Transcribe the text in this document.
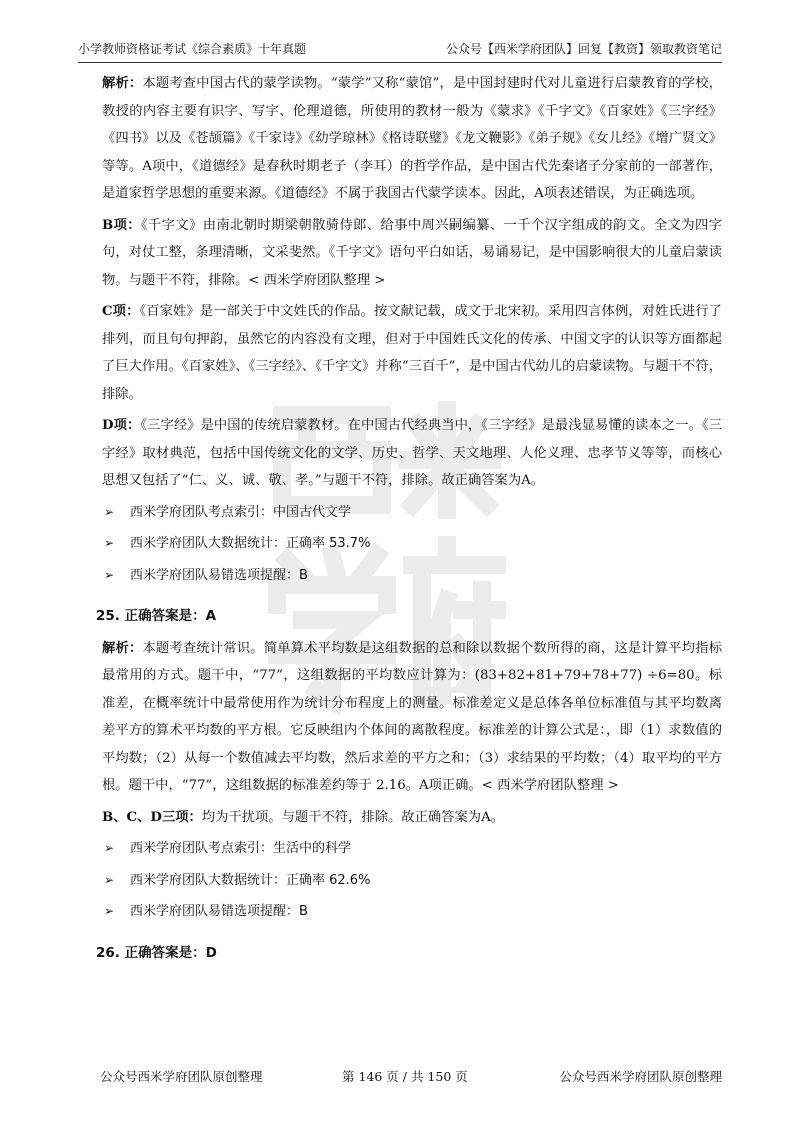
小学教师资格证考试《综合素质》十年真题	公众号【西米学府团队】回复【教资】领取教资笔记

解析：本题考查中国古代的蒙学读物。“蒙学”又称“蒙馆”，是中国封建时代对儿童进行启蒙教育的学校，教授的内容主要有识字、写字、伦理道德，所使用的教材一般为《蒙求》《千字文》《百家姓》《三字经》《四书》以及《苍颉篇》《千家诗》《幼学琼林》《格诗联璧》《龙文鞭影》《弟子规》《女儿经》《增广贤文》等等。A项中，《道德经》是春秋时期老子（李耳）的哲学作品，是中国古代先秦诸子分家前的一部著作，是道家哲学思想的重要来源。《道德经》不属于我国古代蒙学读本。因此，A项表述错误，为正确选项。

B项：《千字文》由南北朝时期梁朝散骑侍郎、给事中周兴嗣编纂、一千个汉字组成的韵文。全文为四字句，对仗工整，条理清晰，文采斐然。《千字文》语句平白如话，易诵易记，是中国影响很大的儿童启蒙读物。与题干不符，排除。< 西米学府团队整理 >

C项：《百家姓》是一部关于中文姓氏的作品。按文献记载，成文于北宋初。采用四言体例，对姓氏进行了排列，而且句句押韵，虽然它的内容没有文理，但对于中国姓氏文化的传承、中国文字的认识等方面都起了巨大作用。《百家姓》、《三字经》、《千字文》并称“三百千”，是中国古代幼儿的启蒙读物。与题干不符，排除。

D项：《三字经》是中国的传统启蒙教材。在中国古代经典当中，《三字经》是最浅显易懂的读本之一。《三字经》取材典范，包括中国传统文化的文学、历史、哲学、天文地理、人伦义理、忠孝节义等等，而核心思想又包括了“仁、义、诚、敬、孝。”与题干不符，排除。故正确答案为A。

➢ 西米学府团队考点索引：中国古代文学

➢ 西米学府团队大数据统计：正确率 53.7%

➢ 西米学府团队易错选项提醒：B

25. 正确答案是：A

解析：本题考查统计常识。简单算术平均数是这组数据的总和除以数据个数所得的商，这是计算平均指标最常用的方式。题干中，“77”，这组数据的平均数应计算为：(83+82+81+79+78+77) ÷6=80。标准差，在概率统计中最常使用作为统计分布程度上的测量。标准差定义是总体各单位标准值与其平均数离差平方的算术平均数的平方根。它反映组内个体间的离散程度。标准差的计算公式是：，即（1）求数值的平均数；（2）从每一个数值减去平均数，然后求差的平方之和；（3）求结果的平均数；（4）取平均的平方根。题干中，“77”，这组数据的标准差约等于 2.16。A项正确。< 西米学府团队整理 >

B、C、D三项：均为干扰项。与题干不符，排除。故正确答案为A。

➢ 西米学府团队考点索引：生活中的科学

➢ 西米学府团队大数据统计：正确率 62.6%

➢ 西米学府团队易错选项提醒：B

26. 正确答案是：D

公众号西米学府团队原创整理	第 146 页 / 共 150 页	公众号西米学府团队原创整理
